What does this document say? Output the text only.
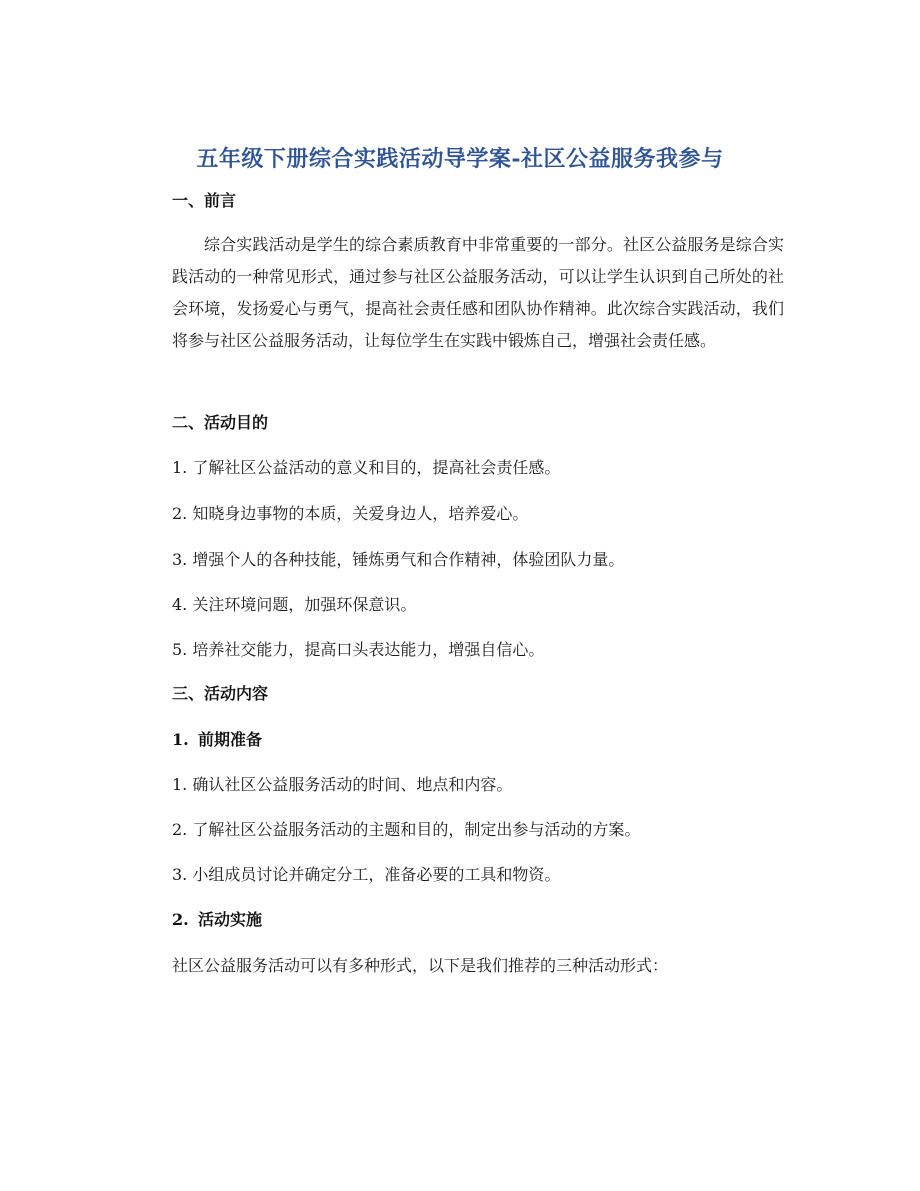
五年级下册综合实践活动导学案-社区公益服务我参与
一、前言
综合实践活动是学生的综合素质教育中非常重要的一部分。社区公益服务是综合实践活动的一种常见形式，通过参与社区公益服务活动，可以让学生认识到自己所处的社会环境，发扬爱心与勇气，提高社会责任感和团队协作精神。此次综合实践活动，我们将参与社区公益服务活动，让每位学生在实践中锻炼自己，增强社会责任感。
二、活动目的
1. 了解社区公益活动的意义和目的，提高社会责任感。
2. 知晓身边事物的本质，关爱身边人，培养爱心。
3. 增强个人的各种技能，锤炼勇气和合作精神，体验团队力量。
4. 关注环境问题，加强环保意识。
5. 培养社交能力，提高口头表达能力，增强自信心。
三、活动内容
1. 前期准备
1. 确认社区公益服务活动的时间、地点和内容。
2. 了解社区公益服务活动的主题和目的，制定出参与活动的方案。
3. 小组成员讨论并确定分工，准备必要的工具和物资。
2. 活动实施
社区公益服务活动可以有多种形式，以下是我们推荐的三种活动形式：
